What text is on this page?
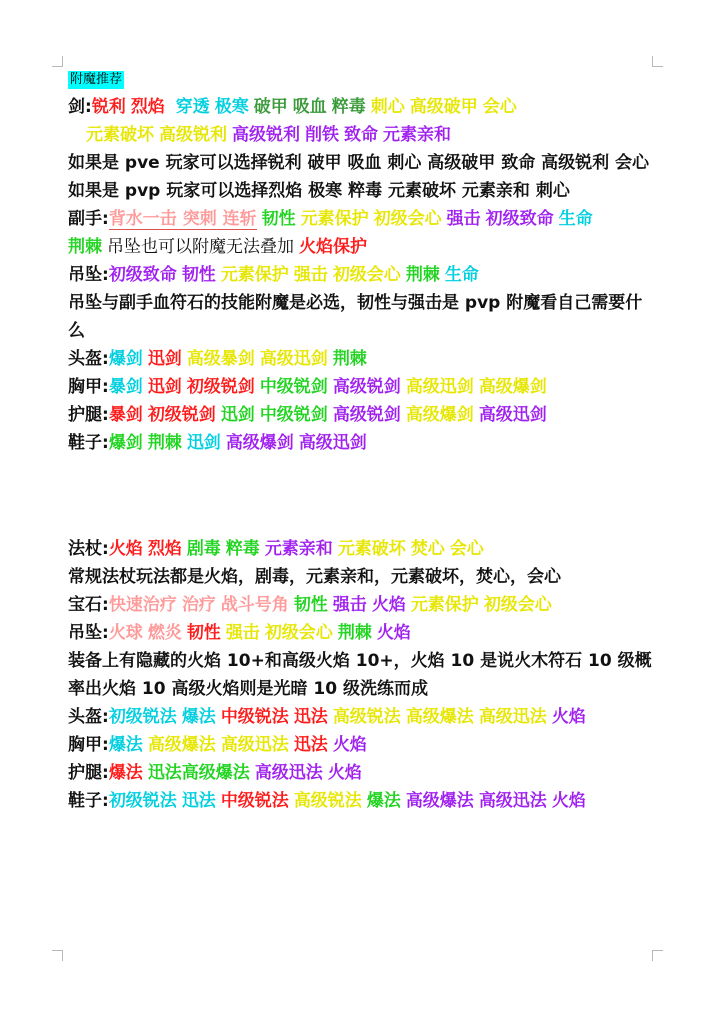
附魔推荐
剑:锐利 烈焰 穿透 极寒 破甲 吸血 粹毒 刺心 高级破甲 会心
元素破坏 高级锐利 高级锐利 削铁 致命 元素亲和
如果是 pve 玩家可以选择锐利 破甲 吸血 刺心 高级破甲 致命 高级锐利 会心
如果是 pvp 玩家可以选择烈焰 极寒 粹毒 元素破坏 元素亲和 刺心
副手:背水一击 突刺 连斩 韧性 元素保护 初级会心 强击 初级致命 生命
荆棘 吊坠也可以附魔无法叠加 火焰保护
吊坠:初级致命 韧性 元素保护 强击 初级会心 荆棘 生命
吊坠与副手血符石的技能附魔是必选，韧性与强击是 pvp 附魔看自己需要什么
头盔:爆剑 迅剑 高级暴剑 高级迅剑 荆棘
胸甲:暴剑 迅剑 初级锐剑 中级锐剑 高级锐剑 高级迅剑 高级爆剑
护腿:暴剑 初级锐剑 迅剑 中级锐剑 高级锐剑 高级爆剑 高级迅剑
鞋子:爆剑 荆棘 迅剑 高级爆剑 高级迅剑
法杖:火焰 烈焰 剧毒 粹毒 元素亲和 元素破坏 焚心 会心
常规法杖玩法都是火焰，剧毒，元素亲和，元素破坏，焚心，会心
宝石:快速治疗 治疗 战斗号角 韧性 强击 火焰 元素保护 初级会心
吊坠:火球 燃炎 韧性 强击 初级会心 荆棘 火焰
装备上有隐藏的火焰 10+和高级火焰 10+，火焰 10 是说火木符石 10 级概率出火焰 10 高级火焰则是光暗 10 级洗练而成
头盔:初级锐法 爆法 中级锐法 迅法 高级锐法 高级爆法 高级迅法 火焰
胸甲:爆法 高级爆法 高级迅法 迅法 火焰
护腿:爆法 迅法高级爆法 高级迅法 火焰
鞋子:初级锐法 迅法 中级锐法 高级锐法 爆法 高级爆法 高级迅法 火焰
